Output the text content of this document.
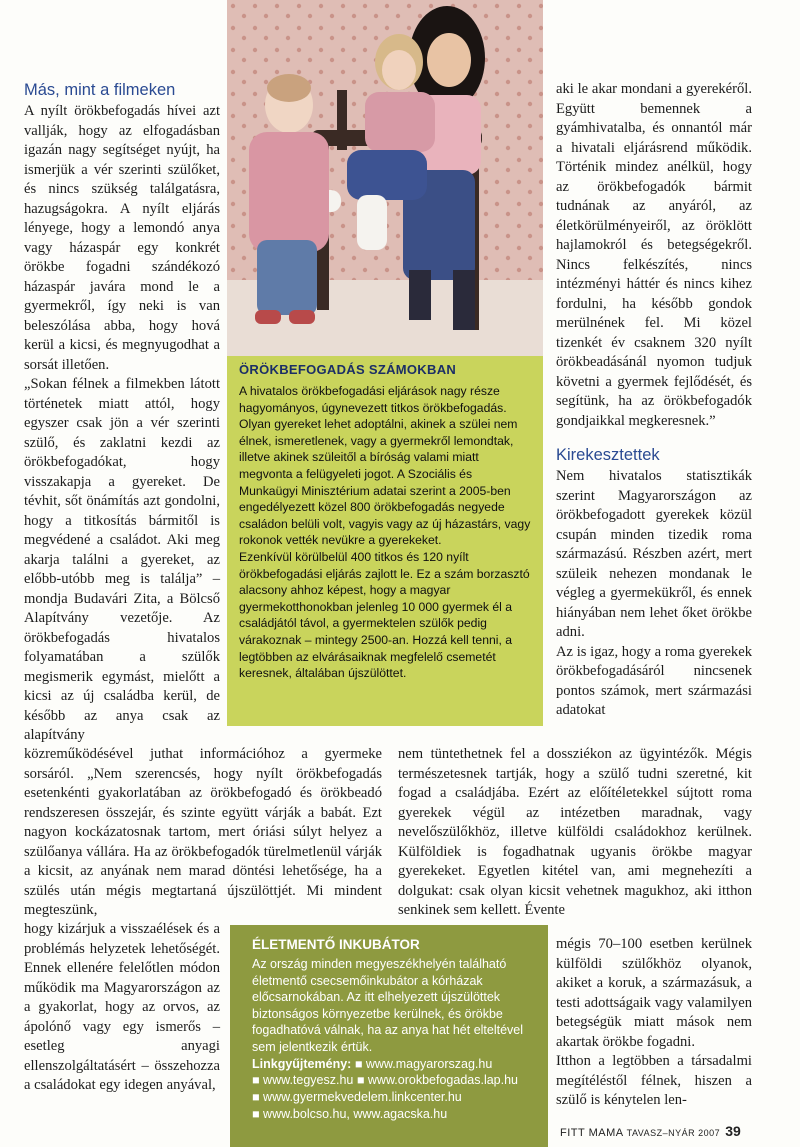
Más, mint a filmeken

A nyílt örökbefogadás hívei azt vallják, hogy az elfogadásban igazán nagy segítséget nyújt, ha ismerjük a vér szerinti szülőket, és nincs szükség találgatásra, hazugságokra. A nyílt eljárás lényege, hogy a lemondó anya vagy házaspár egy konkrét örökbe fogadni szándékozó házaspár javára mond le a gyermekről, így neki is van beleszólása abba, hogy hová kerül a kicsi, és megnyugodhat a sorsát illetően.

„Sokan félnek a filmekben látott történetek miatt attól, hogy egyszer csak jön a vér szerinti szülő, és zaklatni kezdi az örökbefogadókat, hogy visszakapja a gyereket. De tévhit, sőt önámítás azt gondolni, hogy a titkosítás bármitől is megvédené a családot. Aki meg akarja találni a gyereket, az előbb-utóbb meg is találja” – mondja Budavári Zita, a Bölcső Alapítvány vezetője. Az örökbefogadás hivatalos folyamatában a szülők megismerik egymást, mielőtt a kicsi az új családba kerül, de később az anya csak az alapítvány

közreműködésével juthat információhoz a gyermeke sorsáról. „Nem szerencsés, hogy nyílt örökbefogadás esetenkénti gyakorlatában az örökbefogadó és örökbeadó rendszeresen összejár, és szinte együtt várják a babát. Ezt nagyon kockázatosnak tartom, mert óriási súlyt helyez a szülőanya vállára. Ha az örökbefogadók türelmetlenül várják a kicsit, az anyának nem marad döntési lehetősége, ha a szülés után mégis megtartaná újszülöttjét. Mi mindent megteszünk,

hogy kizárjuk a visszaélések és a problémás helyzetek lehetőségét. Ennek ellenére felelőtlen módon működik ma Magyarországon az a gyakorlat, hogy az orvos, az ápolónő vagy egy ismerős – esetleg anyagi ellenszolgáltatásért – összehozza a családokat egy idegen anyával,

ÖRÖKBEFOGADÁS SZÁMOKBAN

A hivatalos örökbefogadási eljárások nagy része hagyományos, úgynevezett titkos örökbefogadás. Olyan gyereket lehet adoptálni, akinek a szülei nem élnek, ismeretlenek, vagy a gyermekről lemondtak, illetve akinek szüleitől a bíróság valami miatt megvonta a felügyeleti jogot. A Szociális és Munkaügyi Minisztérium adatai szerint a 2005-ben engedélyezett közel 800 örökbefogadás negyede családon belüli volt, vagyis vagy az új házastárs, vagy rokonok vették nevükre a gyerekeket.

Ezenkívül körülbelül 400 titkos és 120 nyílt örökbefogadási eljárás zajlott le. Ez a szám borzasztó alacsony ahhoz képest, hogy a magyar gyermekotthonokban jelenleg 10 000 gyermek él a családjától távol, a gyermektelen szülők pedig várakoznak – mintegy 2500-an. Hozzá kell tenni, a legtöbben az elvárásaiknak megfelelő csemetét keresnek, általában újszülöttet.

aki le akar mondani a gyerekéről. Együtt bemennek a gyámhivatalba, és onnantól már a hivatali eljárásrend működik. Történik mindez anélkül, hogy az örökbefogadók bármit tudnának az anyáról, az életkörülményeiről, az öröklött hajlamokról és betegségekről. Nincs felkészítés, nincs intézményi háttér és nincs kihez fordulni, ha később gondok merülnének fel. Mi közel tizenkét év csaknem 320 nyílt örökbeadásánál nyomon tudjuk követni a gyermek fejlődését, és segítünk, ha az örökbefogadók gondjaikkal megkeresnek.”

Kirekesztettek

Nem hivatalos statisztikák szerint Magyarországon az örökbefogadott gyerekek közül csupán minden tizedik roma származású. Részben azért, mert szüleik nehezen mondanak le végleg a gyermekükről, és ennek hiányában nem lehet őket örökbe adni.

Az is igaz, hogy a roma gyerekek örökbefogadásáról nincsenek pontos számok, mert származási adatokat

nem tüntethetnek fel a dossziékon az ügyintézők. Mégis természetesnek tartják, hogy a szülő tudni szeretné, kit fogad a családjába. Ezért az előítéletekkel sújtott roma gyerekek végül az intézetben maradnak, vagy nevelőszülőkhöz, illetve külföldi családokhoz kerülnek. Külföldiek is fogadhatnak ugyanis örökbe magyar gyerekeket. Egyetlen kitétel van, ami megnehezíti a dolgukat: csak olyan kicsit vehetnek magukhoz, aki itthon senkinek sem kellett. Évente

mégis 70–100 esetben kerülnek külföldi szülőkhöz olyanok, akiket a koruk, a származásuk, a testi adottságaik vagy valamilyen betegségük miatt mások nem akartak örökbe fogadni.

Itthon a legtöbben a társadalmi megítéléstől félnek, hiszen a szülő is kénytelen len-

ÉLETMENTŐ INKUBÁTOR

Az ország minden megyeszékhelyén található életmentő csecsemőinkubátor a kórházak előcsarnokában. Az itt elhelyezett újszülöttek biztonságos környezetbe kerülnek, és örökbe fogadhatóvá válnak, ha az anya hat hét elteltével sem jelentkezik értük.

Linkgyűjtemény: ■ www.magyarorszag.hu

■ www.tegyesz.hu ■ www.orokbefogadas.lap.hu
■ www.gyermekvedelem.linkcenter.hu
■ www.bolcso.hu, www.agacska.hu
FITT MAMA TAVASZ–NYÁR 2007 39
